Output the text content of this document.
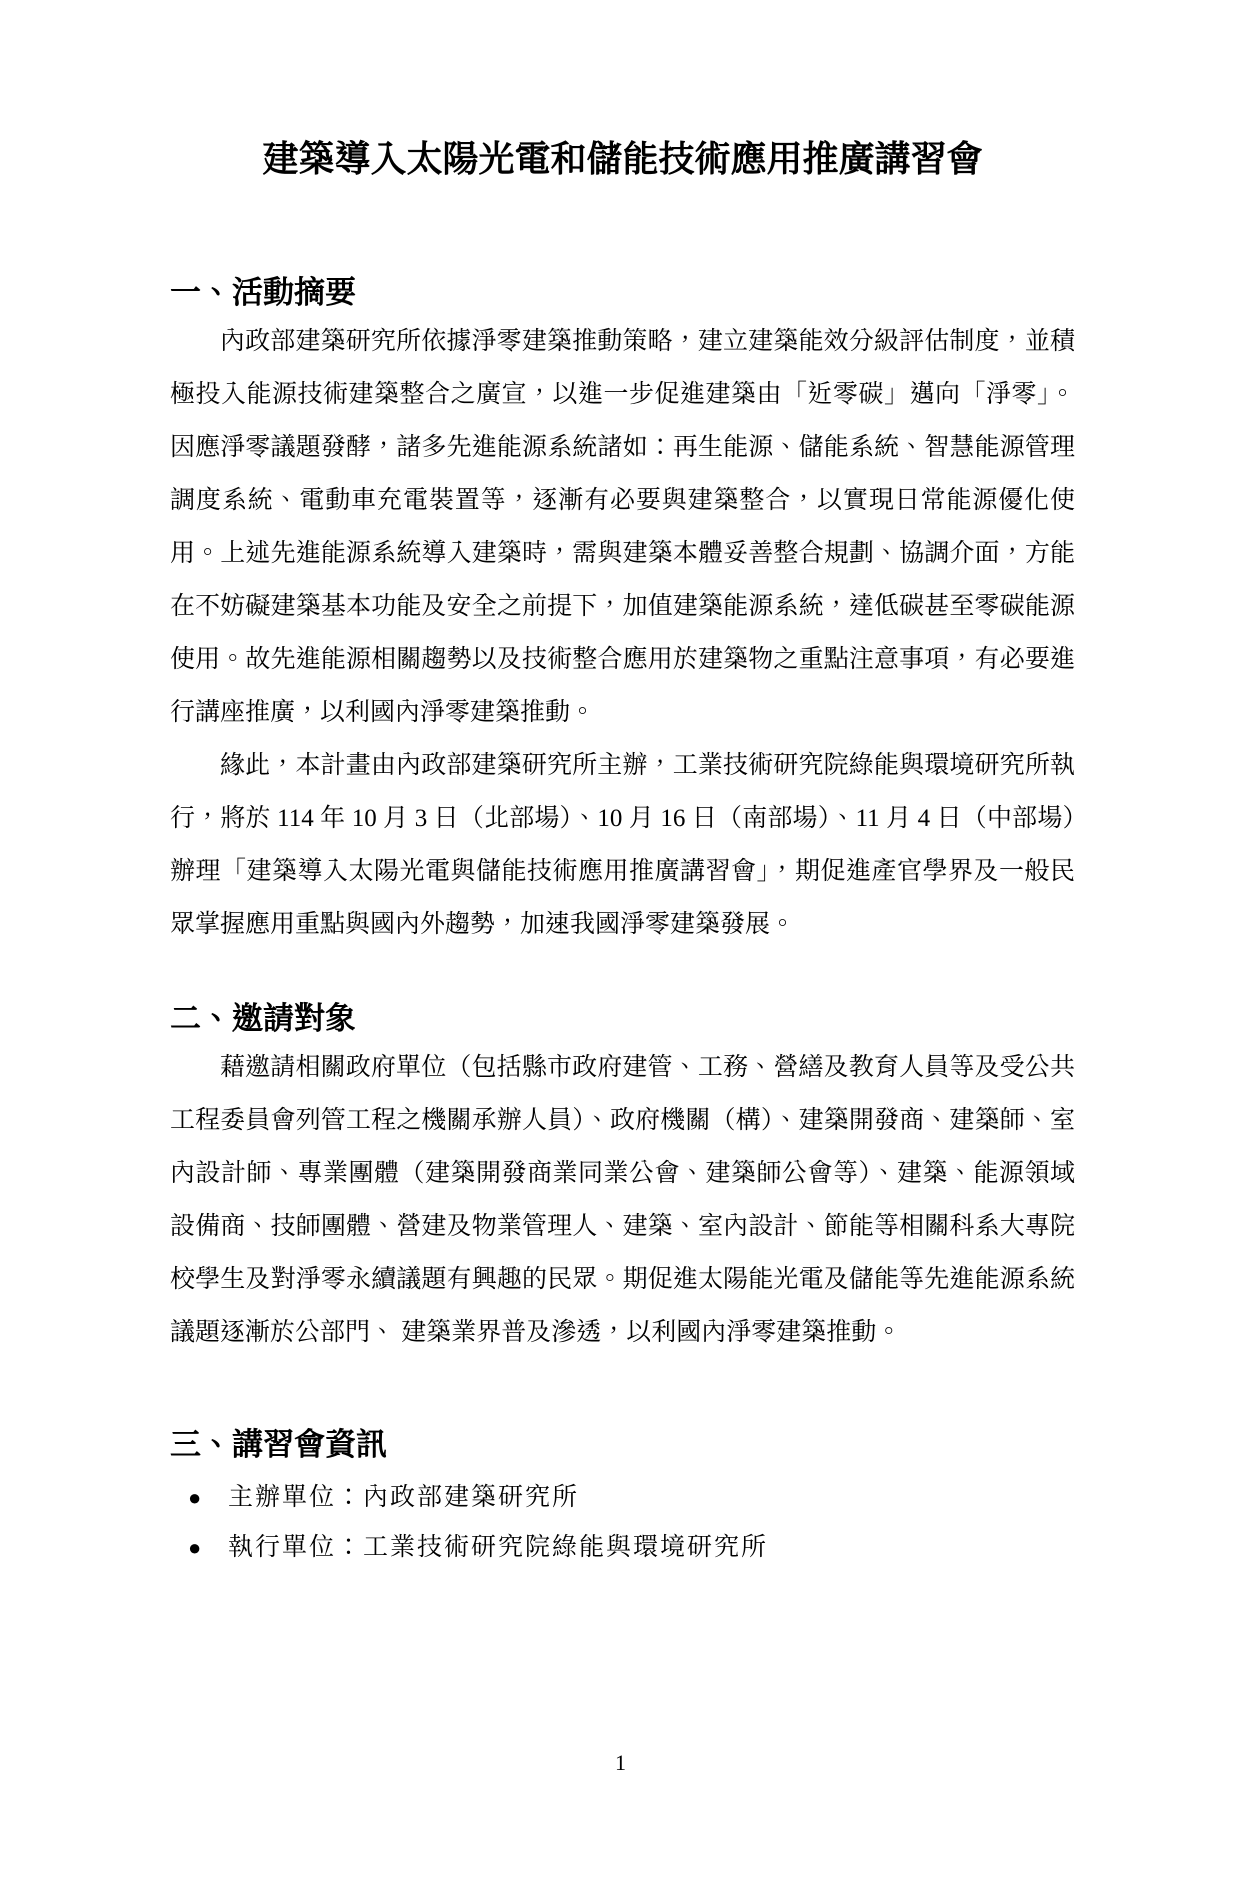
建築導入太陽光電和儲能技術應用推廣講習會
一、活動摘要

內政部建築研究所依據淨零建築推動策略，建立建築能效分級評估制度，並積極投入能源技術建築整合之廣宣，以進一步促進建築由「近零碳」邁向「淨零」。因應淨零議題發酵，諸多先進能源系統諸如：再生能源、儲能系統、智慧能源管理調度系統、電動車充電裝置等，逐漸有必要與建築整合，以實現日常能源優化使用。上述先進能源系統導入建築時，需與建築本體妥善整合規劃、協調介面，方能在不妨礙建築基本功能及安全之前提下，加值建築能源系統，達低碳甚至零碳能源使用。故先進能源相關趨勢以及技術整合應用於建築物之重點注意事項，有必要進行講座推廣，以利國內淨零建築推動。

緣此，本計畫由內政部建築研究所主辦，工業技術研究院綠能與環境研究所執行，將於 114 年 10 月 3 日（北部場）、10 月 16 日（南部場）、11 月 4 日（中部場）辦理「建築導入太陽光電與儲能技術應用推廣講習會」，期促進產官學界及一般民眾掌握應用重點與國內外趨勢，加速我國淨零建築發展。

二、邀請對象

藉邀請相關政府單位（包括縣市政府建管、工務、營繕及教育人員等及受公共工程委員會列管工程之機關承辦人員）、政府機關（構）、建築開發商、建築師、室內設計師、專業團體（建築開發商業同業公會、建築師公會等）、建築、能源領域設備商、技師團體、營建及物業管理人、建築、室內設計、節能等相關科系大專院校學生及對淨零永續議題有興趣的民眾。期促進太陽能光電及儲能等先進能源系統議題逐漸於公部門、 建築業界普及滲透，以利國內淨零建築推動。

三、講習會資訊
●	主辦單位：內政部建築研究所
●	執行單位：工業技術研究院綠能與環境研究所
1
